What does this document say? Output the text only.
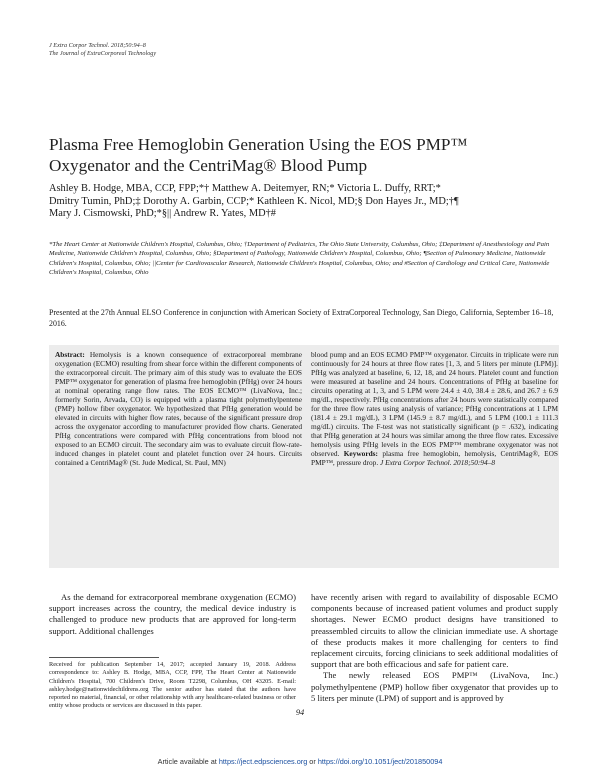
J Extra Corpor Technol. 2018;50:94–8
The Journal of ExtraCorporeal Technology
Plasma Free Hemoglobin Generation Using the EOS PMP™
Oxygenator and the CentriMag® Blood Pump
Ashley B. Hodge, MBA, CCP, FPP;*† Matthew A. Deitemyer, RN;* Victoria L. Duffy, RRT;*
Dmitry Tumin, PhD;‡ Dorothy A. Garbin, CCP;* Kathleen K. Nicol, MD;§ Don Hayes Jr., MD;†¶
Mary J. Cismowski, PhD;*§|| Andrew R. Yates, MD†#
*The Heart Center at Nationwide Children's Hospital, Columbus, Ohio; †Department of Pediatrics, The Ohio State University, Columbus, Ohio; ‡Department of Anesthesiology and Pain Medicine, Nationwide Children's Hospital, Columbus, Ohio; §Department of Pathology, Nationwide Children's Hospital, Columbus, Ohio; ¶Section of Pulmonary Medicine, Nationwide Children's Hospital, Columbus, Ohio; ||Center for Cardiovascular Research, Nationwide Children's Hospital, Columbus, Ohio; and #Section of Cardiology and Critical Care, Nationwide Children's Hospital, Columbus, Ohio
Presented at the 27th Annual ELSO Conference in conjunction with American Society of ExtraCorporeal Technology, San Diego, California, September 16–18, 2016.
Abstract: Hemolysis is a known consequence of extracorporeal membrane oxygenation (ECMO) resulting from shear force within the different components of the extracorporeal circuit. The primary aim of this study was to evaluate the EOS PMP™ oxygenator for generation of plasma free hemoglobin (PfHg) over 24 hours at nominal operating range flow rates. The EOS ECMO™ (LivaNova, Inc.; formerly Sorin, Arvada, CO) is equipped with a plasma tight polymethylpentene (PMP) hollow fiber oxygenator. We hypothesized that PfHg generation would be elevated in circuits with higher flow rates, because of the significant pressure drop across the oxygenator according to manufacturer provided flow charts. Generated PfHg concentrations were compared with PfHg concentrations from blood not exposed to an ECMO circuit. The secondary aim was to evaluate circuit flow-rate-induced changes in platelet count and platelet function over 24 hours. Circuits contained a CentriMag® (St. Jude Medical, St. Paul, MN)
blood pump and an EOS ECMO PMP™ oxygenator. Circuits in triplicate were run continuously for 24 hours at three flow rates [1, 3, and 5 liters per minute (LPM)]. PfHg was analyzed at baseline, 6, 12, 18, and 24 hours. Platelet count and function were measured at baseline and 24 hours. Concentrations of PfHg at baseline for circuits operating at 1, 3, and 5 LPM were 24.4 ± 4.0, 38.4 ± 28.6, and 26.7 ± 6.9 mg/dL, respectively. PfHg concentrations after 24 hours were statistically compared for the three flow rates using analysis of variance; PfHg concentrations at 1 LPM (181.4 ± 29.1 mg/dL), 3 LPM (145.9 ± 8.7 mg/dL), and 5 LPM (100.1 ± 111.3 mg/dL) circuits. The F-test was not statistically significant (p = .632), indicating that PfHg generation at 24 hours was similar among the three flow rates. Excessive hemolysis using PfHg levels in the EOS PMP™ membrane oxygenator was not observed. Keywords: plasma free hemoglobin, hemolysis, CentriMag®, EOS PMP™, pressure drop. J Extra Corpor Technol. 2018;50:94–8
As the demand for extracorporeal membrane oxygenation (ECMO) support increases across the country, the medical device industry is challenged to produce new products that are approved for long-term support. Additional challenges
have recently arisen with regard to availability of disposable ECMO components because of increased patient volumes and product supply shortages. Newer ECMO product designs have transitioned to preassembled circuits to allow the clinician immediate use. A shortage of these products makes it more challenging for centers to find replacement circuits, forcing clinicians to seek additional modalities of support that are both efficacious and safe for patient care.
The newly released EOS PMP™ (LivaNova, Inc.) polymethylpentene (PMP) hollow fiber oxygenator that provides up to 5 liters per minute (LPM) of support and is approved by
Received for publication September 14, 2017; accepted January 19, 2018. Address correspondence to: Ashley B. Hodge, MBA, CCP, FPP, The Heart Center at Nationwide Children's Hospital, 700 Children's Drive, Room T2298, Columbus, OH 43205. E-mail: ashley.hodge@nationwidechildrens.org The senior author has stated that the authors have reported no material, financial, or other relationship with any healthcare-related business or other entity whose products or services are discussed in this paper.
94
Article available at https://ject.edpsciences.org or https://doi.org/10.1051/ject/201850094
